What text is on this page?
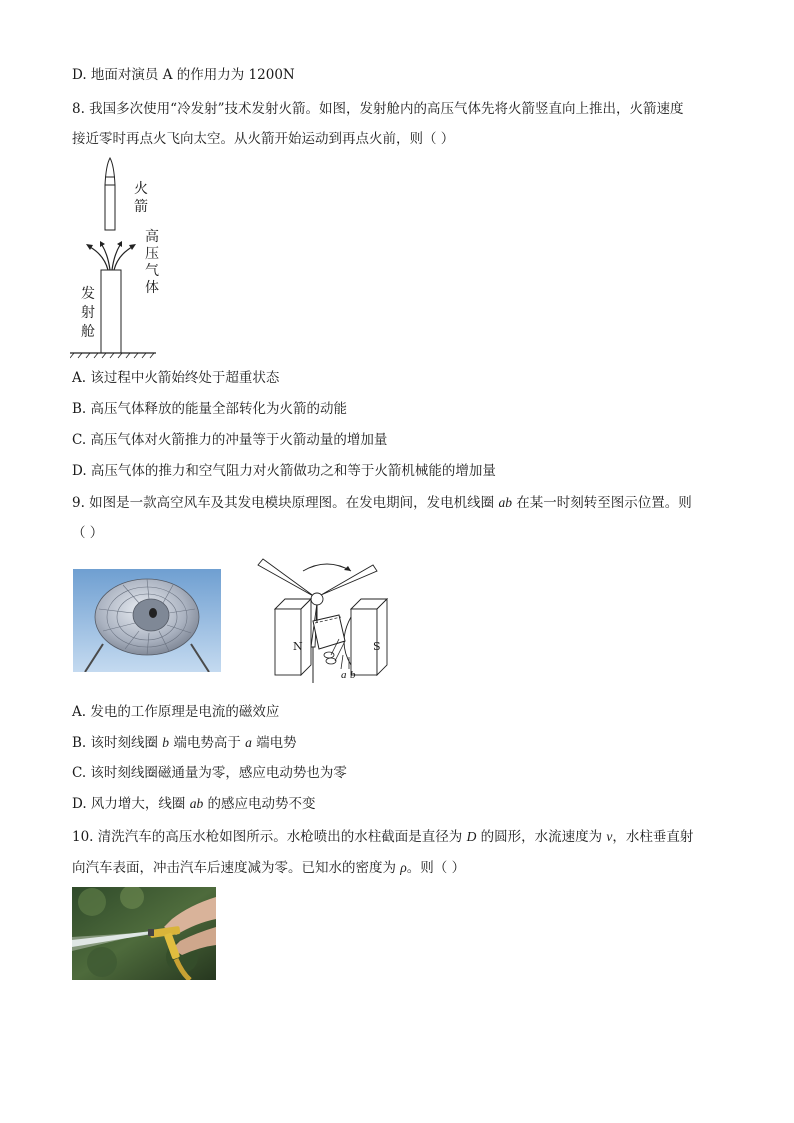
D. 地面对演员 A 的作用力为 1200N
8. 我国多次使用“冷发射”技术发射火箭。如图，发射舱内的高压气体先将火箭竖直向上推出，火箭速度
接近零时再点火飞向太空。从火箭开始运动到再点火前，则（ ）
火箭
高压气体
发射舱
A. 该过程中火箭始终处于超重状态
B. 高压气体释放的能量全部转化为火箭的动能
C. 高压气体对火箭推力的冲量等于火箭动量的增加量
D. 高压气体的推力和空气阻力对火箭做功之和等于火箭机械能的增加量
9. 如图是一款高空风车及其发电模块原理图。在发电期间，发电机线圈 ab 在某一时刻转至图示位置。则
（ ）
N	S
a b
A. 发电的工作原理是电流的磁效应
B. 该时刻线圈 b 端电势高于 a 端电势
C. 该时刻线圈磁通量为零，感应电动势也为零
D. 风力增大，线圈 ab 的感应电动势不变
10. 清洗汽车的高压水枪如图所示。水枪喷出的水柱截面是直径为 D 的圆形，水流速度为 v，水柱垂直射
向汽车表面，冲击汽车后速度减为零。已知水的密度为 ρ。则（ ）
